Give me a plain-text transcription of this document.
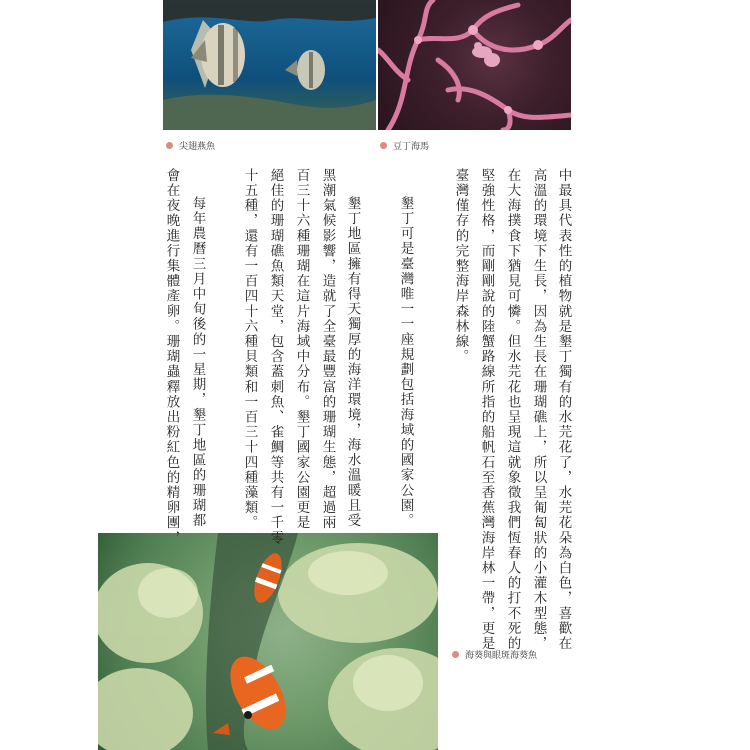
尖翅燕魚	豆丁海馬
海葵與眼斑海葵魚
中最具代表性的植物就是墾丁獨有的水芫花了，水芫花朵為白色，喜歡在
高溫的環境下生長，因為生長在珊瑚礁上，所以呈匍匐狀的小灌木型態，
在大海撲食下猶見可憐。但水芫花也呈現這就象徵我們恆春人的打不死的
堅強性格，而剛剛說的陸蟹路線所指的船帆石至香蕉灣海岸林一帶，更是
臺灣僅存的完整海岸森林線。
墾丁可是臺灣唯一一座規劃包括海域的國家公園。
墾丁地區擁有得天獨厚的海洋環境，海水溫暖且受
黑潮氣候影響，造就了全臺最豐富的珊瑚生態，超過兩
百三十六種珊瑚在這片海域中分布。墾丁國家公園更是
絕佳的珊瑚礁魚類天堂，包含蓋刺魚、雀鯛等共有一千零
十五種，還有一百四十六種貝類和一百三十四種藻類。
每年農曆三月中旬後的一星期，墾丁地區的珊瑚都
會在夜晚進行集體產卵。珊瑚蟲釋放出粉紅色的精卵團，
